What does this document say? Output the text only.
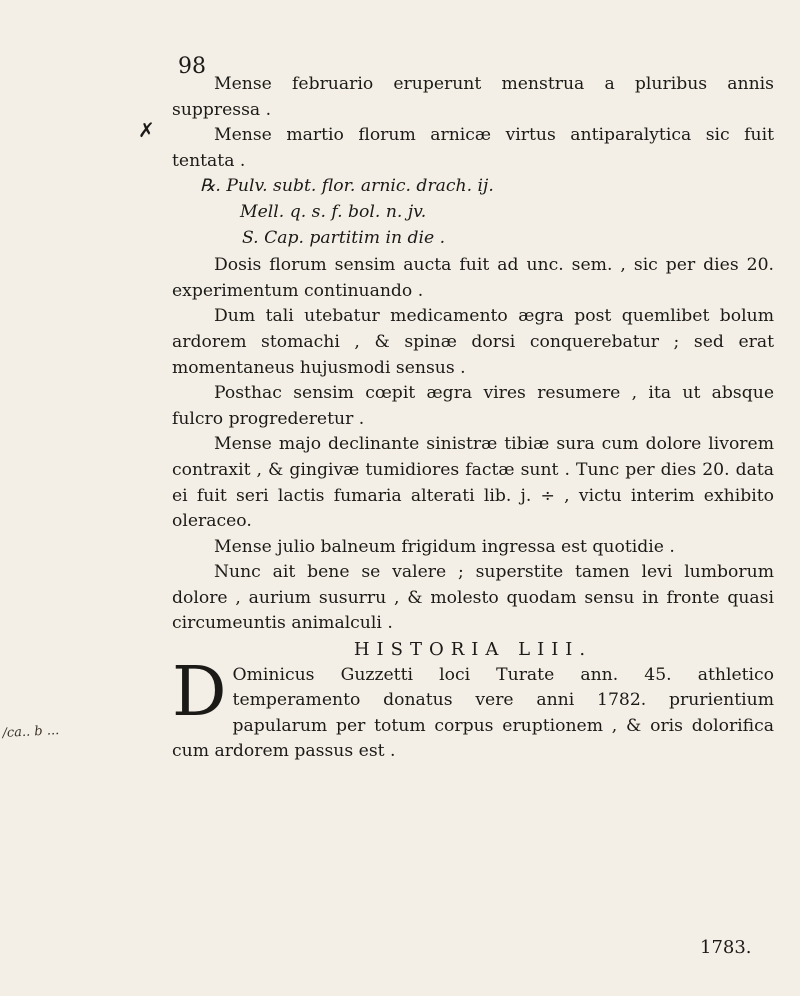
98
✗

Mense februario eruperunt menstrua a pluribus annis suppressa .

Mense martio florum arnicæ virtus antiparalytica sic fuit tentata .

℞. Pulv. subt. flor. arnic. drach. ij.

Mell. q. s. f. bol. n. jv.

S. Cap. partitim in die .

Dosis florum sensim aucta fuit ad unc. sem. , sic per dies 20. experimentum continuando .

Dum tali utebatur medicamento ægra post quemlibet bolum ardorem stomachi , & spinæ dorsi conquerebatur ; sed erat momentaneus hujusmodi sensus .

Posthac sensim cœpit ægra vires resumere , ita ut absque fulcro progrederetur .

Mense majo declinante sinistræ tibiæ sura cum dolore livorem contraxit , & gingivæ tumidiores factæ sunt . Tunc per dies 20. data ei fuit seri lactis fumaria alterati lib. j. ÷ , victu interim exhibito oleraceo.

Mense julio balneum frigidum ingressa est quotidie .

Nunc ait bene se valere ; superstite tamen levi lumborum dolore , aurium susurru , & molesto quodam sensu in fronte quasi circumeuntis animalculi .

HISTORIA LIII.

D Ominicus Guzzetti loci Turate ann. 45. athletico temperamento donatus vere anni 1782. prurientium papularum per totum corpus eruptionem , & oris dolorifica cum ardorem passus est .

/ca.. b ...
1783.
